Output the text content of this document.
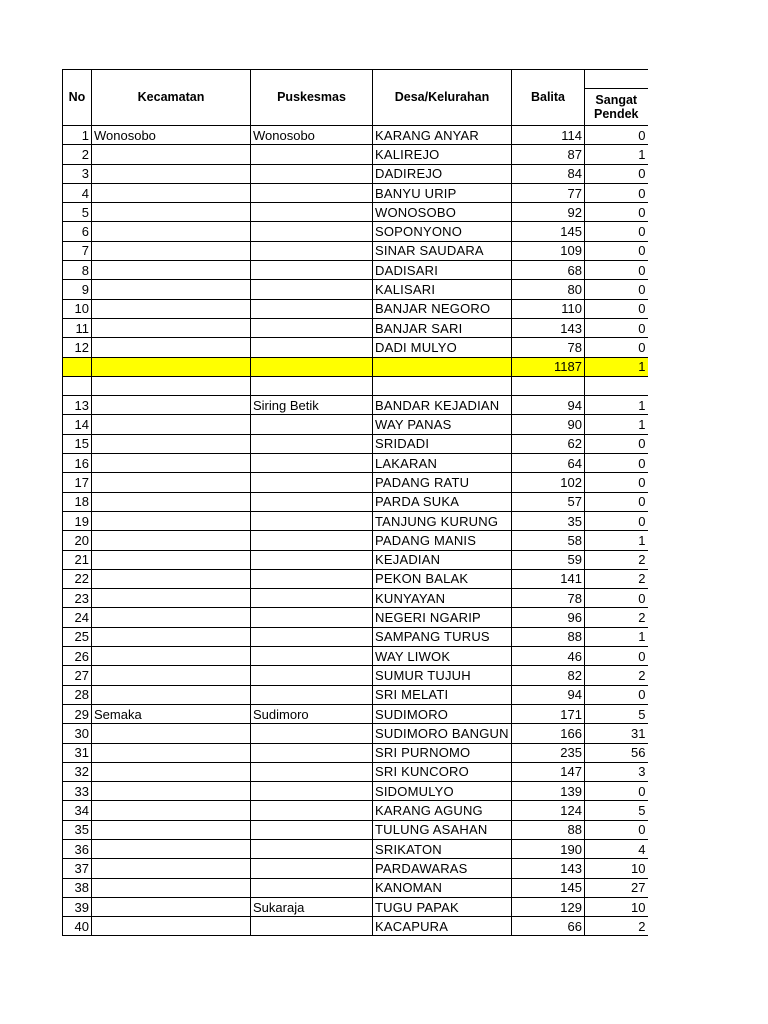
No	Kecamatan	Puskesmas	Desa/Kelurahan	Balita	
					Sangat Pendek
1	Wonosobo	Wonosobo	KARANG ANYAR	114	0
2			KALIREJO	87	1
3			DADIREJO	84	0
4			BANYU URIP	77	0
5			WONOSOBO	92	0
6			SOPONYONO	145	0
7			SINAR SAUDARA	109	0
8			DADISARI	68	0
9			KALISARI	80	0
10			BANJAR NEGORO	110	0
11			BANJAR SARI	143	0
12			DADI MULYO	78	0
				1187	1

13		Siring Betik	BANDAR KEJADIAN	94	1
14			WAY PANAS	90	1
15			SRIDADI	62	0
16			LAKARAN	64	0
17			PADANG RATU	102	0
18			PARDA SUKA	57	0
19			TANJUNG KURUNG	35	0
20			PADANG MANIS	58	1
21			KEJADIAN	59	2
22			PEKON BALAK	141	2
23			KUNYAYAN	78	0
24			NEGERI NGARIP	96	2
25			SAMPANG TURUS	88	1
26			WAY LIWOK	46	0
27			SUMUR TUJUH	82	2
28			SRI MELATI	94	0
29	Semaka	Sudimoro	SUDIMORO	171	5
30			SUDIMORO BANGUN	166	31
31			SRI PURNOMO	235	56
32			SRI KUNCORO	147	3
33			SIDOMULYO	139	0
34			KARANG AGUNG	124	5
35			TULUNG ASAHAN	88	0
36			SRIKATON	190	4
37			PARDAWARAS	143	10
38			KANOMAN	145	27
39		Sukaraja	TUGU PAPAK	129	10
40			KACAPURA	66	2
